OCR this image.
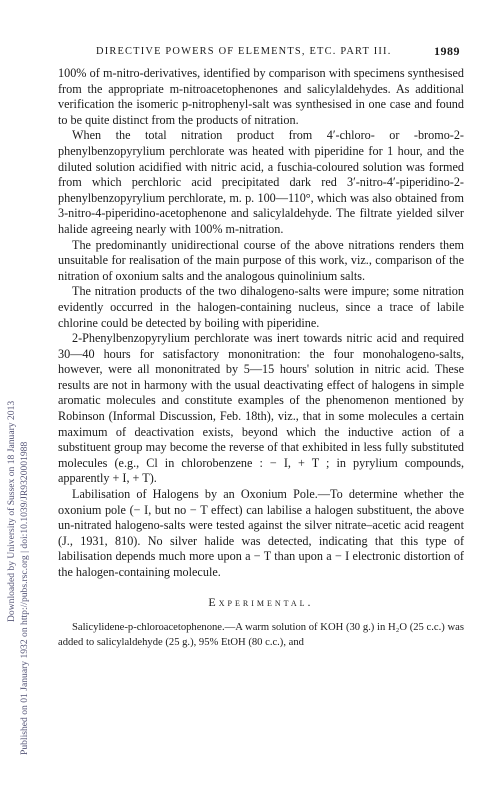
Downloaded by University of Sussex on 18 January 2013 Published on 01 January 1932 on http://pubs.rsc.org | doi:10.1039/JR9320001988
DIRECTIVE POWERS OF ELEMENTS, ETC. PART III.	1989

100% of m-nitro-derivatives, identified by comparison with specimens synthesised from the appropriate m-nitroacetophenones and salicylaldehydes. As additional verification the isomeric p-nitrophenyl-salt was synthesised in one case and found to be quite distinct from the products of nitration.

When the total nitration product from 4′-chloro- or -bromo-2-phenylbenzopyrylium perchlorate was heated with piperidine for 1 hour, and the diluted solution acidified with nitric acid, a fuschia-coloured solution was formed from which perchloric acid precipitated dark red 3′-nitro-4′-piperidino-2-phenylbenzopyrylium perchlorate, m. p. 100—110°, which was also obtained from 3-nitro-4-piperidino-acetophenone and salicylaldehyde. The filtrate yielded silver halide agreeing nearly with 100% m-nitration.

The predominantly unidirectional course of the above nitrations renders them unsuitable for realisation of the main purpose of this work, viz., comparison of the nitration of oxonium salts and the analogous quinolinium salts.

The nitration products of the two dihalogeno-salts were impure; some nitration evidently occurred in the halogen-containing nucleus, since a trace of labile chlorine could be detected by boiling with piperidine.

2-Phenylbenzopyrylium perchlorate was inert towards nitric acid and required 30—40 hours for satisfactory mononitration: the four monohalogeno-salts, however, were all mononitrated by 5—15 hours' solution in nitric acid. These results are not in harmony with the usual deactivating effect of halogens in simple aromatic molecules and constitute examples of the phenomenon mentioned by Robinson (Informal Discussion, Feb. 18th), viz., that in some molecules a certain maximum of deactivation exists, beyond which the inductive action of a substituent group may become the reverse of that exhibited in less fully substituted molecules (e.g., Cl in chlorobenzene : − I, + T ; in pyrylium compounds, apparently + I, + T).

Labilisation of Halogens by an Oxonium Pole.—To determine whether the oxonium pole (− I, but no − T effect) can labilise a halogen substituent, the above un-nitrated halogeno-salts were tested against the silver nitrate–acetic acid reagent (J., 1931, 810). No silver halide was detected, indicating that this type of labilisation depends much more upon a − T than upon a − I electronic distortion of the halogen-containing molecule.

Experimental.

Salicylidene-p-chloroacetophenone.—A warm solution of KOH (30 g.) in H₂O (25 c.c.) was added to salicylaldehyde (25 g.), 95% EtOH (80 c.c.), and
